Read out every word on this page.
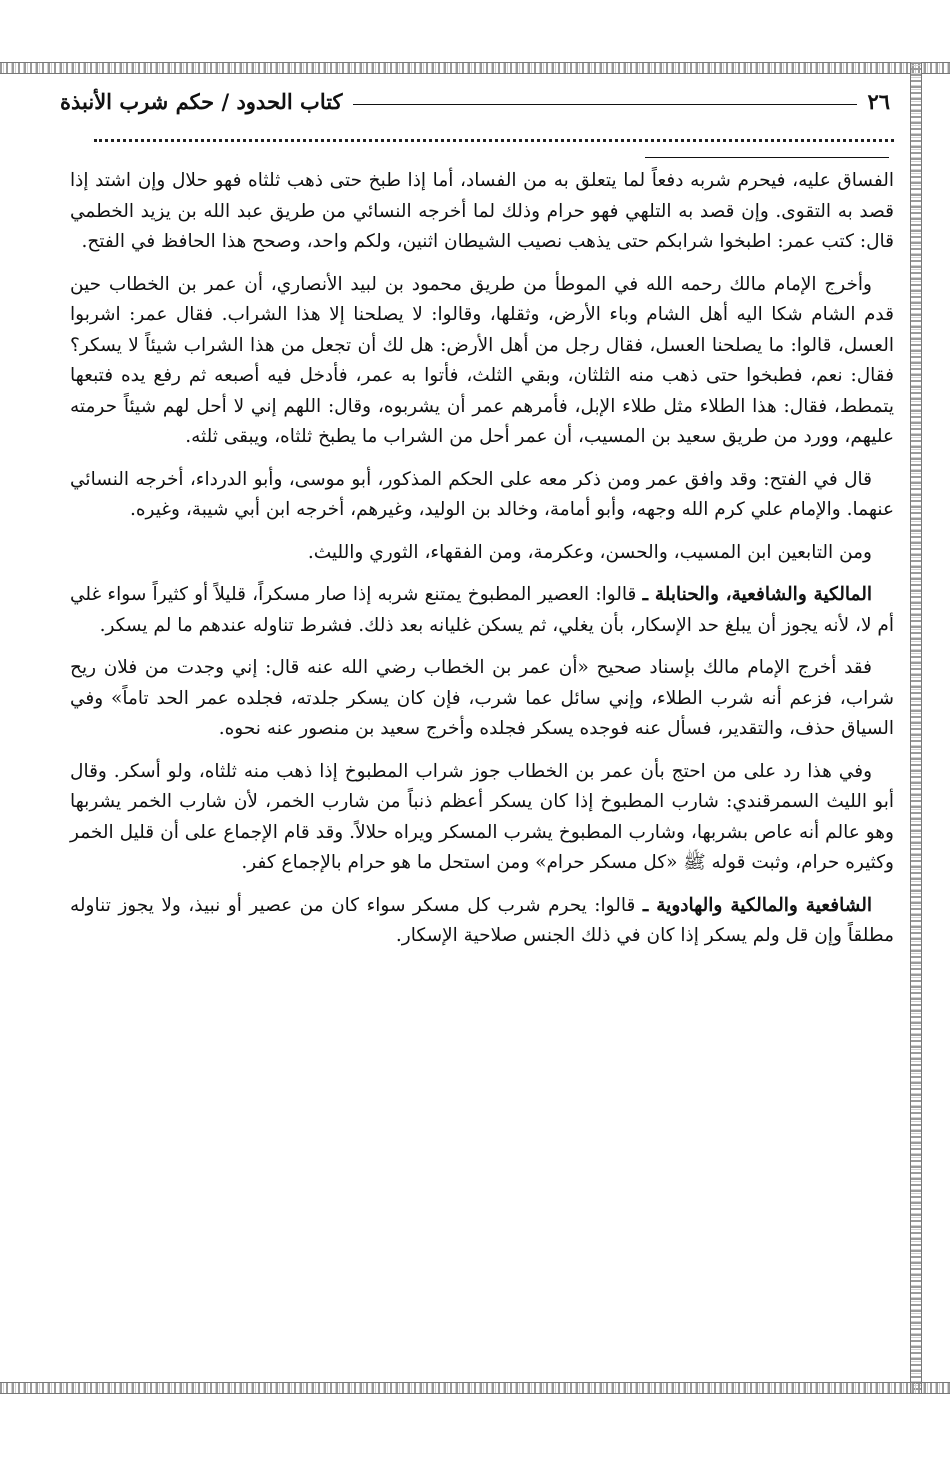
٢٦
كتاب الحدود / حكم شرب الأنبذة

الفساق عليه، فيحرم شربه دفعاً لما يتعلق به من الفساد، أما إذا طبخ حتى ذهب ثلثاه فهو حلال وإن اشتد إذا قصد به التقوى. وإن قصد به التلهي فهو حرام وذلك لما أخرجه النسائي من طريق عبد الله بن يزيد الخطمي قال: كتب عمر: اطبخوا شرابكم حتى يذهب نصيب الشيطان اثنين، ولكم واحد، وصحح هذا الحافظ في الفتح.

وأخرج الإمام مالك رحمه الله في الموطأ من طريق محمود بن لبيد الأنصاري، أن عمر بن الخطاب حين قدم الشام شكا اليه أهل الشام وباء الأرض، وثقلها، وقالوا: لا يصلحنا إلا هذا الشراب. فقال عمر: اشربوا العسل، قالوا: ما يصلحنا العسل، فقال رجل من أهل الأرض: هل لك أن تجعل من هذا الشراب شيئاً لا يسكر؟ فقال: نعم، فطبخوا حتى ذهب منه الثلثان، وبقي الثلث، فأتوا به عمر، فأدخل فيه أصبعه ثم رفع يده فتبعها يتمطط، فقال: هذا الطلاء مثل طلاء الإبل، فأمرهم عمر أن يشربوه، وقال: اللهم إني لا أحل لهم شيئاً حرمته عليهم، وورد من طريق سعيد بن المسيب، أن عمر أحل من الشراب ما يطبخ ثلثاه، ويبقى ثلثه.

قال في الفتح: وقد وافق عمر ومن ذكر معه على الحكم المذكور، أبو موسى، وأبو الدرداء، أخرجه النسائي عنهما. والإمام علي كرم الله وجهه، وأبو أمامة، وخالد بن الوليد، وغيرهم، أخرجه ابن أبي شيبة، وغيره.

ومن التابعين ابن المسيب، والحسن، وعكرمة، ومن الفقهاء، الثوري والليث.

المالكية والشافعية، والحنابلة ـ قالوا: العصير المطبوخ يمتنع شربه إذا صار مسكراً، قليلاً أو كثيراً سواء غلي أم لا، لأنه يجوز أن يبلغ حد الإسكار، بأن يغلي، ثم يسكن غليانه بعد ذلك. فشرط تناوله عندهم ما لم يسكر.

فقد أخرج الإمام مالك بإسناد صحيح «أن عمر بن الخطاب رضي الله عنه قال: إني وجدت من فلان ريح شراب، فزعم أنه شرب الطلاء، وإني سائل عما شرب، فإن كان يسكر جلدته، فجلده عمر الحد تاماً» وفي السياق حذف، والتقدير، فسأل عنه فوجده يسكر فجلده وأخرج سعيد بن منصور عنه نحوه.

وفي هذا رد على من احتج بأن عمر بن الخطاب جوز شراب المطبوخ إذا ذهب منه ثلثاه، ولو أسكر. وقال أبو الليث السمرقندي: شارب المطبوخ إذا كان يسكر أعظم ذنباً من شارب الخمر، لأن شارب الخمر يشربها وهو عالم أنه عاص بشربها، وشارب المطبوخ يشرب المسكر ويراه حلالاً. وقد قام الإجماع على أن قليل الخمر وكثيره حرام، وثبت قوله ﷺ «كل مسكر حرام» ومن استحل ما هو حرام بالإجماع كفر.

الشافعية والمالكية والهادوية ـ قالوا: يحرم شرب كل مسكر سواء كان من عصير أو نبيذ، ولا يجوز تناوله مطلقاً وإن قل ولم يسكر إذا كان في ذلك الجنس صلاحية الإسكار.
